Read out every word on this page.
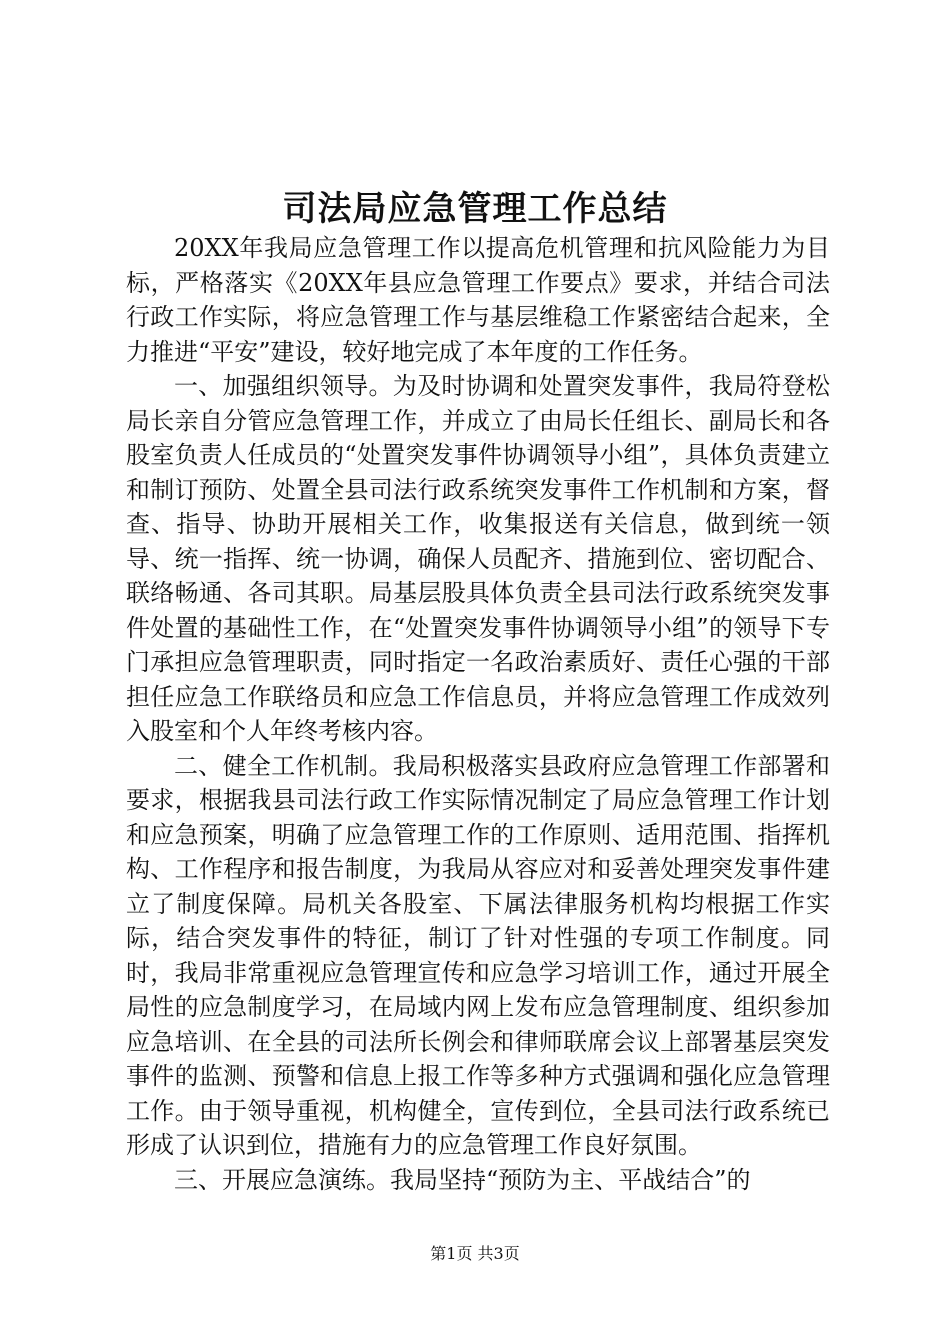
司法局应急管理工作总结

20XX年我局应急管理工作以提高危机管理和抗风险能力为目标，严格落实《20XX年县应急管理工作要点》要求，并结合司法行政工作实际，将应急管理工作与基层维稳工作紧密结合起来，全力推进“平安”建设，较好地完成了本年度的工作任务。

一、加强组织领导。为及时协调和处置突发事件，我局符登松局长亲自分管应急管理工作，并成立了由局长任组长、副局长和各股室负责人任成员的“处置突发事件协调领导小组”，具体负责建立和制订预防、处置全县司法行政系统突发事件工作机制和方案，督查、指导、协助开展相关工作，收集报送有关信息，做到统一领导、统一指挥、统一协调，确保人员配齐、措施到位、密切配合、联络畅通、各司其职。局基层股具体负责全县司法行政系统突发事件处置的基础性工作，在“处置突发事件协调领导小组”的领导下专门承担应急管理职责，同时指定一名政治素质好、责任心强的干部担任应急工作联络员和应急工作信息员，并将应急管理工作成效列入股室和个人年终考核内容。

二、健全工作机制。我局积极落实县政府应急管理工作部署和要求，根据我县司法行政工作实际情况制定了局应急管理工作计划和应急预案，明确了应急管理工作的工作原则、适用范围、指挥机构、工作程序和报告制度，为我局从容应对和妥善处理突发事件建立了制度保障。局机关各股室、下属法律服务机构均根据工作实际，结合突发事件的特征，制订了针对性强的专项工作制度。同时，我局非常重视应急管理宣传和应急学习培训工作，通过开展全局性的应急制度学习，在局域内网上发布应急管理制度、组织参加应急培训、在全县的司法所长例会和律师联席会议上部署基层突发事件的监测、预警和信息上报工作等多种方式强调和强化应急管理工作。由于领导重视，机构健全，宣传到位，全县司法行政系统已形成了认识到位，措施有力的应急管理工作良好氛围。

三、开展应急演练。我局坚持“预防为主、平战结合”的

第1页 共3页
